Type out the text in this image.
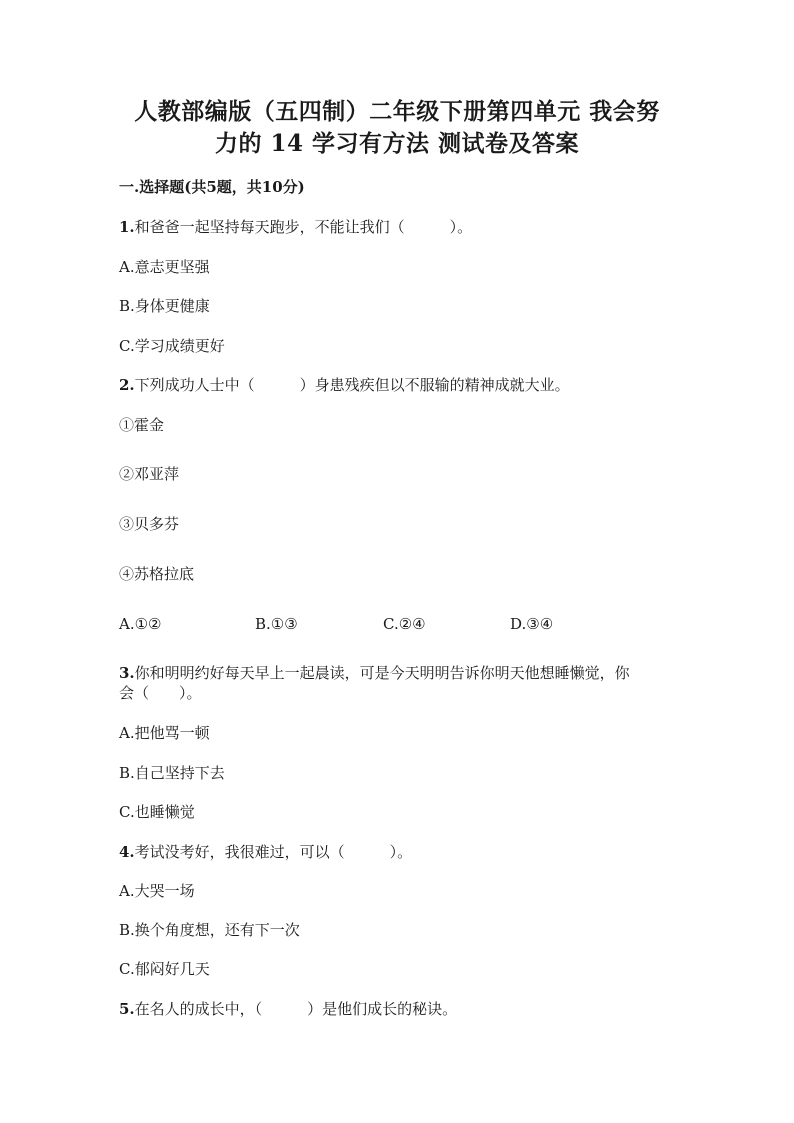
人教部编版（五四制）二年级下册第四单元 我会努
力的 14 学习有方法 测试卷及答案
一.选择题(共5题，共10分)
1.和爸爸一起坚持每天跑步，不能让我们（　　　）。
A.意志更坚强
B.身体更健康
C.学习成绩更好
2.下列成功人士中（　　　）身患残疾但以不服输的精神成就大业。
①霍金
②邓亚萍
③贝多芬
④苏格拉底
A.①②	B.①③	C.②④	D.③④
3.你和明明约好每天早上一起晨读，可是今天明明告诉你明天他想睡懒觉，你
会（　　）。
A.把他骂一顿
B.自己坚持下去
C.也睡懒觉
4.考试没考好，我很难过，可以（　　　）。
A.大哭一场
B.换个角度想，还有下一次
C.郁闷好几天
5.在名人的成长中，（　　　）是他们成长的秘诀。
